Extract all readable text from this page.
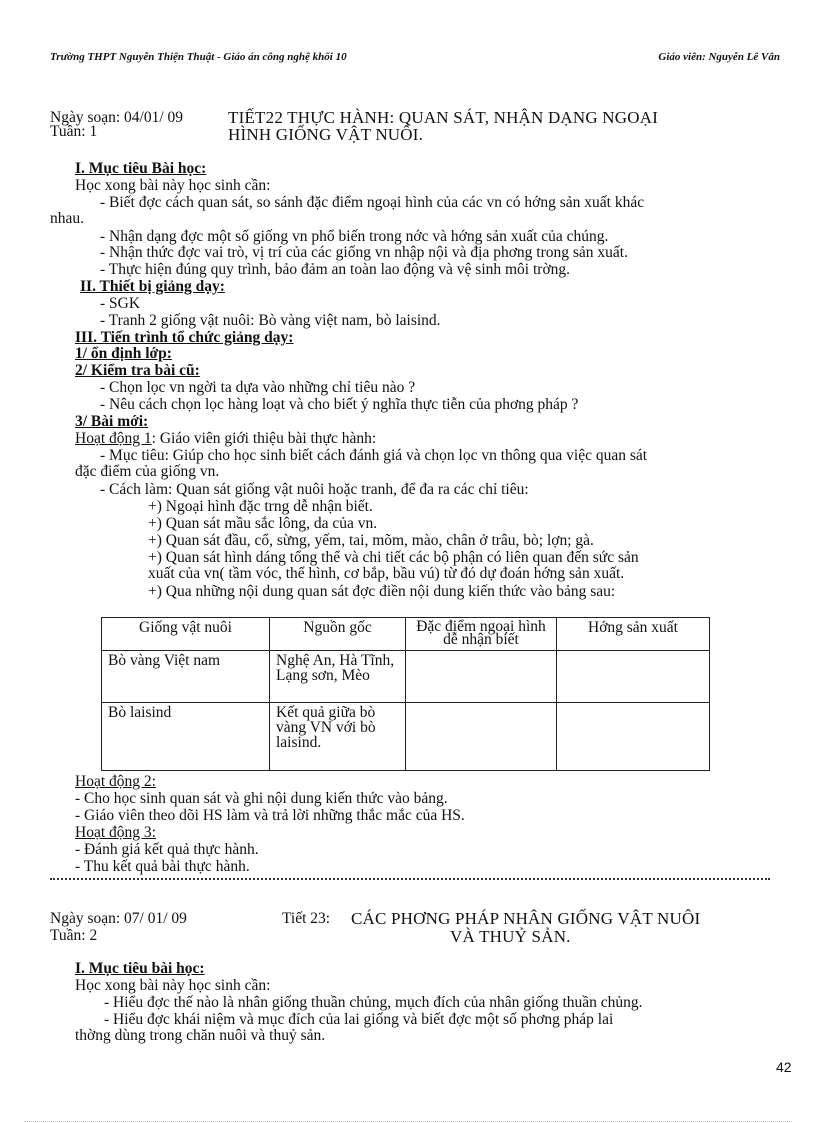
Trường THPT Nguyễn Thiện Thuật - Giáo án công nghệ khối 10	Giáo viên: Nguyễn Lê Vân
Ngày soạn: 04/01/ 09
Tuần: 1
TIẾT22 THỰC HÀNH: QUAN SÁT, NHẬN DẠNG NGOẠI
HÌNH GIỐNG VẬT NUÔI.
I. Mục tiêu Bài học:
Học xong bài này học sinh cần:
- Biết đợc cách quan sát, so sánh đặc điểm ngoại hình của các vn có hớng sản xuất khác
nhau.
- Nhận dạng đợc một số giống vn phổ biến trong nớc và hớng sản xuất của chúng.
- Nhận thức đợc vai trò, vị trí của các giống vn nhập nội và địa phơng trong sản xuất.
- Thực hiện đúng quy trình, bảo đảm an toàn lao động và vệ sinh môi trờng.
II. Thiết bị giảng dạy:
- SGK
- Tranh 2 giống vật nuôi: Bò vàng việt nam, bò laisind.
III. Tiến trình tổ chức giảng dạy:
1/ ổn định lớp:
2/ Kiểm tra bài cũ:
- Chọn lọc vn ngời ta dựa vào những chỉ tiêu nào ?
- Nêu cách chọn lọc hàng loạt và cho biết ý nghĩa thực tiễn của phơng pháp ?
3/ Bài mới:
Hoạt động 1: Giáo viên giới thiệu bài thực hành:
- Mục tiêu: Giúp cho học sinh biết cách đánh giá và chọn lọc vn thông qua việc quan sát
đặc điểm của giống vn.
- Cách làm: Quan sát giống vật nuôi hoặc tranh, để đa ra các chỉ tiêu:
+) Ngoại hình đặc trng dễ nhận biết.
+) Quan sát mầu sắc lông, da của vn.
+) Quan sát đầu, cổ, sừng, yếm, tai, mõm, mào, chân ở trâu, bò; lợn; gà.
+) Quan sát hình dáng tổng thể và chi tiết các bộ phận có liên quan đến sức sản
xuất của vn( tầm vóc, thể hình, cơ bắp, bầu vú) từ đó dự đoán hớng sản xuất.
+) Qua những nội dung quan sát đợc điền nội dung kiến thức vào bảng sau:
Giống vật nuôi	Nguồn gốc	Đặc điểm ngoại hình dễ nhận biết	Hớng sản xuất
Bò vàng Việt nam	Nghệ An, Hà Tĩnh, Lạng sơn, Mèo		
Bò laisind	Kết quả giữa bò vàng VN với bò laisind.		
Hoạt động 2:
- Cho học sinh quan sát và ghi nội dung kiến thức vào bảng.
- Giáo viên theo dõi HS làm và trả lời những thắc mắc của HS.
Hoạt động 3:
- Đánh giá kết quả thực hành.
- Thu kết quả bài thực hành.
Ngày soạn: 07/ 01/ 09
Tuần: 2
Tiết 23: CÁC PHƠNG PHÁP NHÂN GIỐNG VẬT NUÔI
VÀ THUỶ SẢN.
I. Mục tiêu bài học:
Học xong bài này học sinh cần:
- Hiểu đợc thế nào là nhân giống thuần chủng, mụch đích của nhân giống thuần chủng.
- Hiểu đợc khái niệm và mục đích của lai giống và biết đợc một số phơng pháp lai
thờng dùng trong chăn nuôi và thuỷ sản.
42
